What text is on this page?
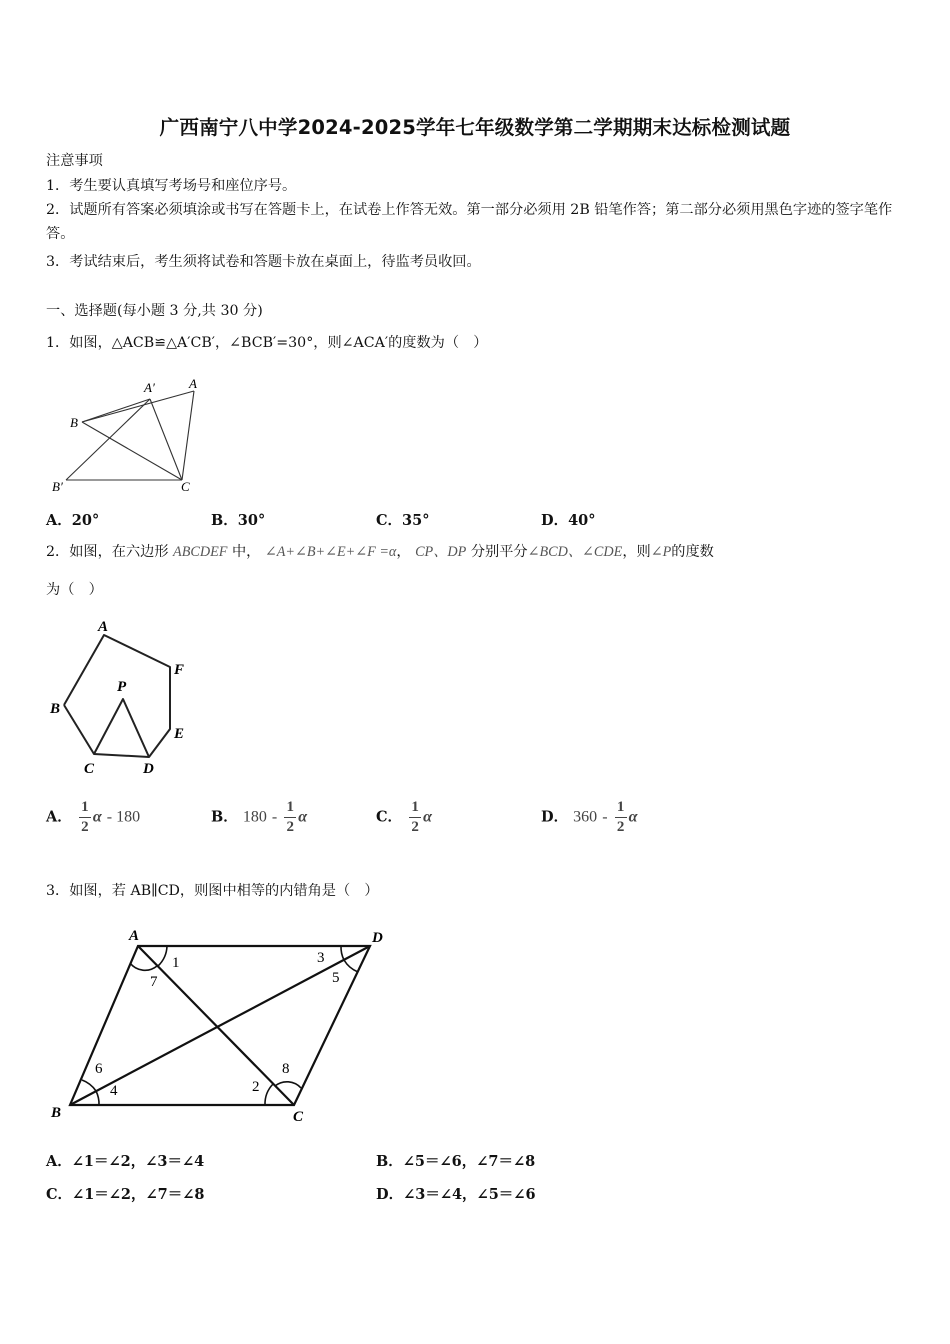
广西南宁八中学2024-2025学年七年级数学第二学期期末达标检测试题
注意事项
1．考生要认真填写考场号和座位序号。
2．试题所有答案必须填涂或书写在答题卡上，在试卷上作答无效。第一部分必须用 2B 铅笔作答；第二部分必须用黑色字迹的签字笔作答。
3．考试结束后，考生须将试卷和答题卡放在桌面上，待监考员收回。
一、选择题(每小题 3 分,共 30 分)
1．如图，△ACB≌△A′CB′，∠BCB′=30°，则∠ACA′的度数为（　）
A′	A
B
B′	C
A．20°	B．30°	C．35°	D．40°
2．如图，在六边形 ABCDEF 中， ∠A+∠B+∠E+∠F =α， CP、DP 分别平分∠BCD、∠CDE，则∠P的度数
为（　）
A
B
C	D
E
F
P
A． $\frac{1}{2}$ α - 180	B． $180 - \frac{1}{2}$ α	C． $\frac{1}{2}$ α	D． $360 - \frac{1}{2}$ α
3．如图，若 AB∥CD，则图中相等的内错角是（　）
A	D
B	C
1
7
3
5
6
4	2
8
A．∠1＝∠2，∠3＝∠4	B．∠5＝∠6，∠7＝∠8
C．∠1＝∠2，∠7＝∠8	D．∠3＝∠4，∠5＝∠6
